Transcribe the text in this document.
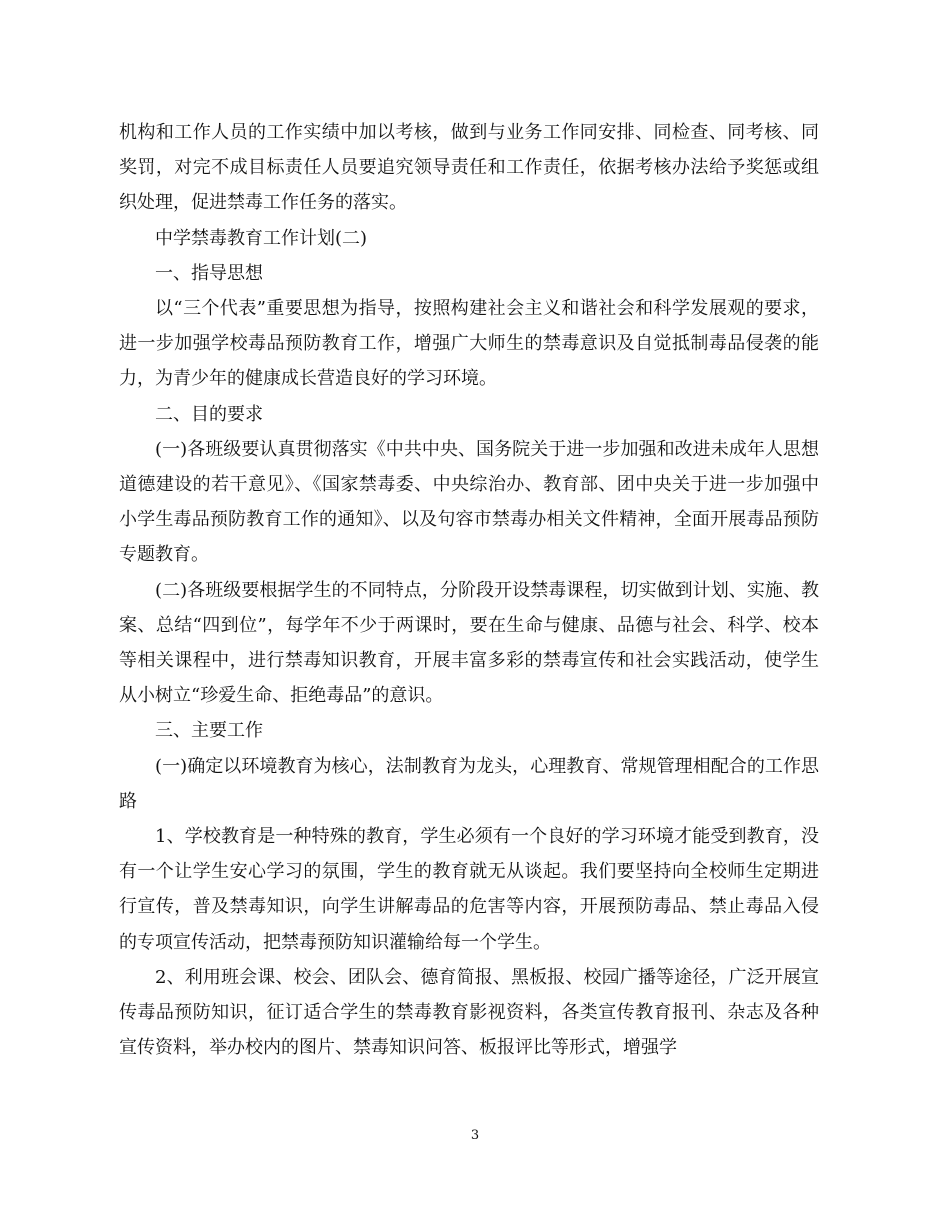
机构和工作人员的工作实绩中加以考核，做到与业务工作同安排、同检查、同考核、同奖罚，对完不成目标责任人员要追究领导责任和工作责任，依据考核办法给予奖惩或组织处理，促进禁毒工作任务的落实。

中学禁毒教育工作计划(二)

一、指导思想

以“三个代表”重要思想为指导，按照构建社会主义和谐社会和科学发展观的要求，进一步加强学校毒品预防教育工作，增强广大师生的禁毒意识及自觉抵制毒品侵袭的能力，为青少年的健康成长营造良好的学习环境。

二、目的要求

(一)各班级要认真贯彻落实《中共中央、国务院关于进一步加强和改进未成年人思想道德建设的若干意见》、《国家禁毒委、中央综治办、教育部、团中央关于进一步加强中小学生毒品预防教育工作的通知》、以及句容市禁毒办相关文件精神，全面开展毒品预防专题教育。

(二)各班级要根据学生的不同特点，分阶段开设禁毒课程，切实做到计划、实施、教案、总结“四到位”，每学年不少于两课时，要在生命与健康、品德与社会、科学、校本等相关课程中，进行禁毒知识教育，开展丰富多彩的禁毒宣传和社会实践活动，使学生从小树立“珍爱生命、拒绝毒品”的意识。

三、主要工作

(一)确定以环境教育为核心，法制教育为龙头，心理教育、常规管理相配合的工作思路

1、学校教育是一种特殊的教育，学生必须有一个良好的学习环境才能受到教育，没有一个让学生安心学习的氛围，学生的教育就无从谈起。我们要坚持向全校师生定期进行宣传，普及禁毒知识，向学生讲解毒品的危害等内容，开展预防毒品、禁止毒品入侵的专项宣传活动，把禁毒预防知识灌输给每一个学生。

2、利用班会课、校会、团队会、德育简报、黑板报、校园广播等途径，广泛开展宣传毒品预防知识，征订适合学生的禁毒教育影视资料，各类宣传教育报刊、杂志及各种宣传资料，举办校内的图片、禁毒知识问答、板报评比等形式，增强学

3
